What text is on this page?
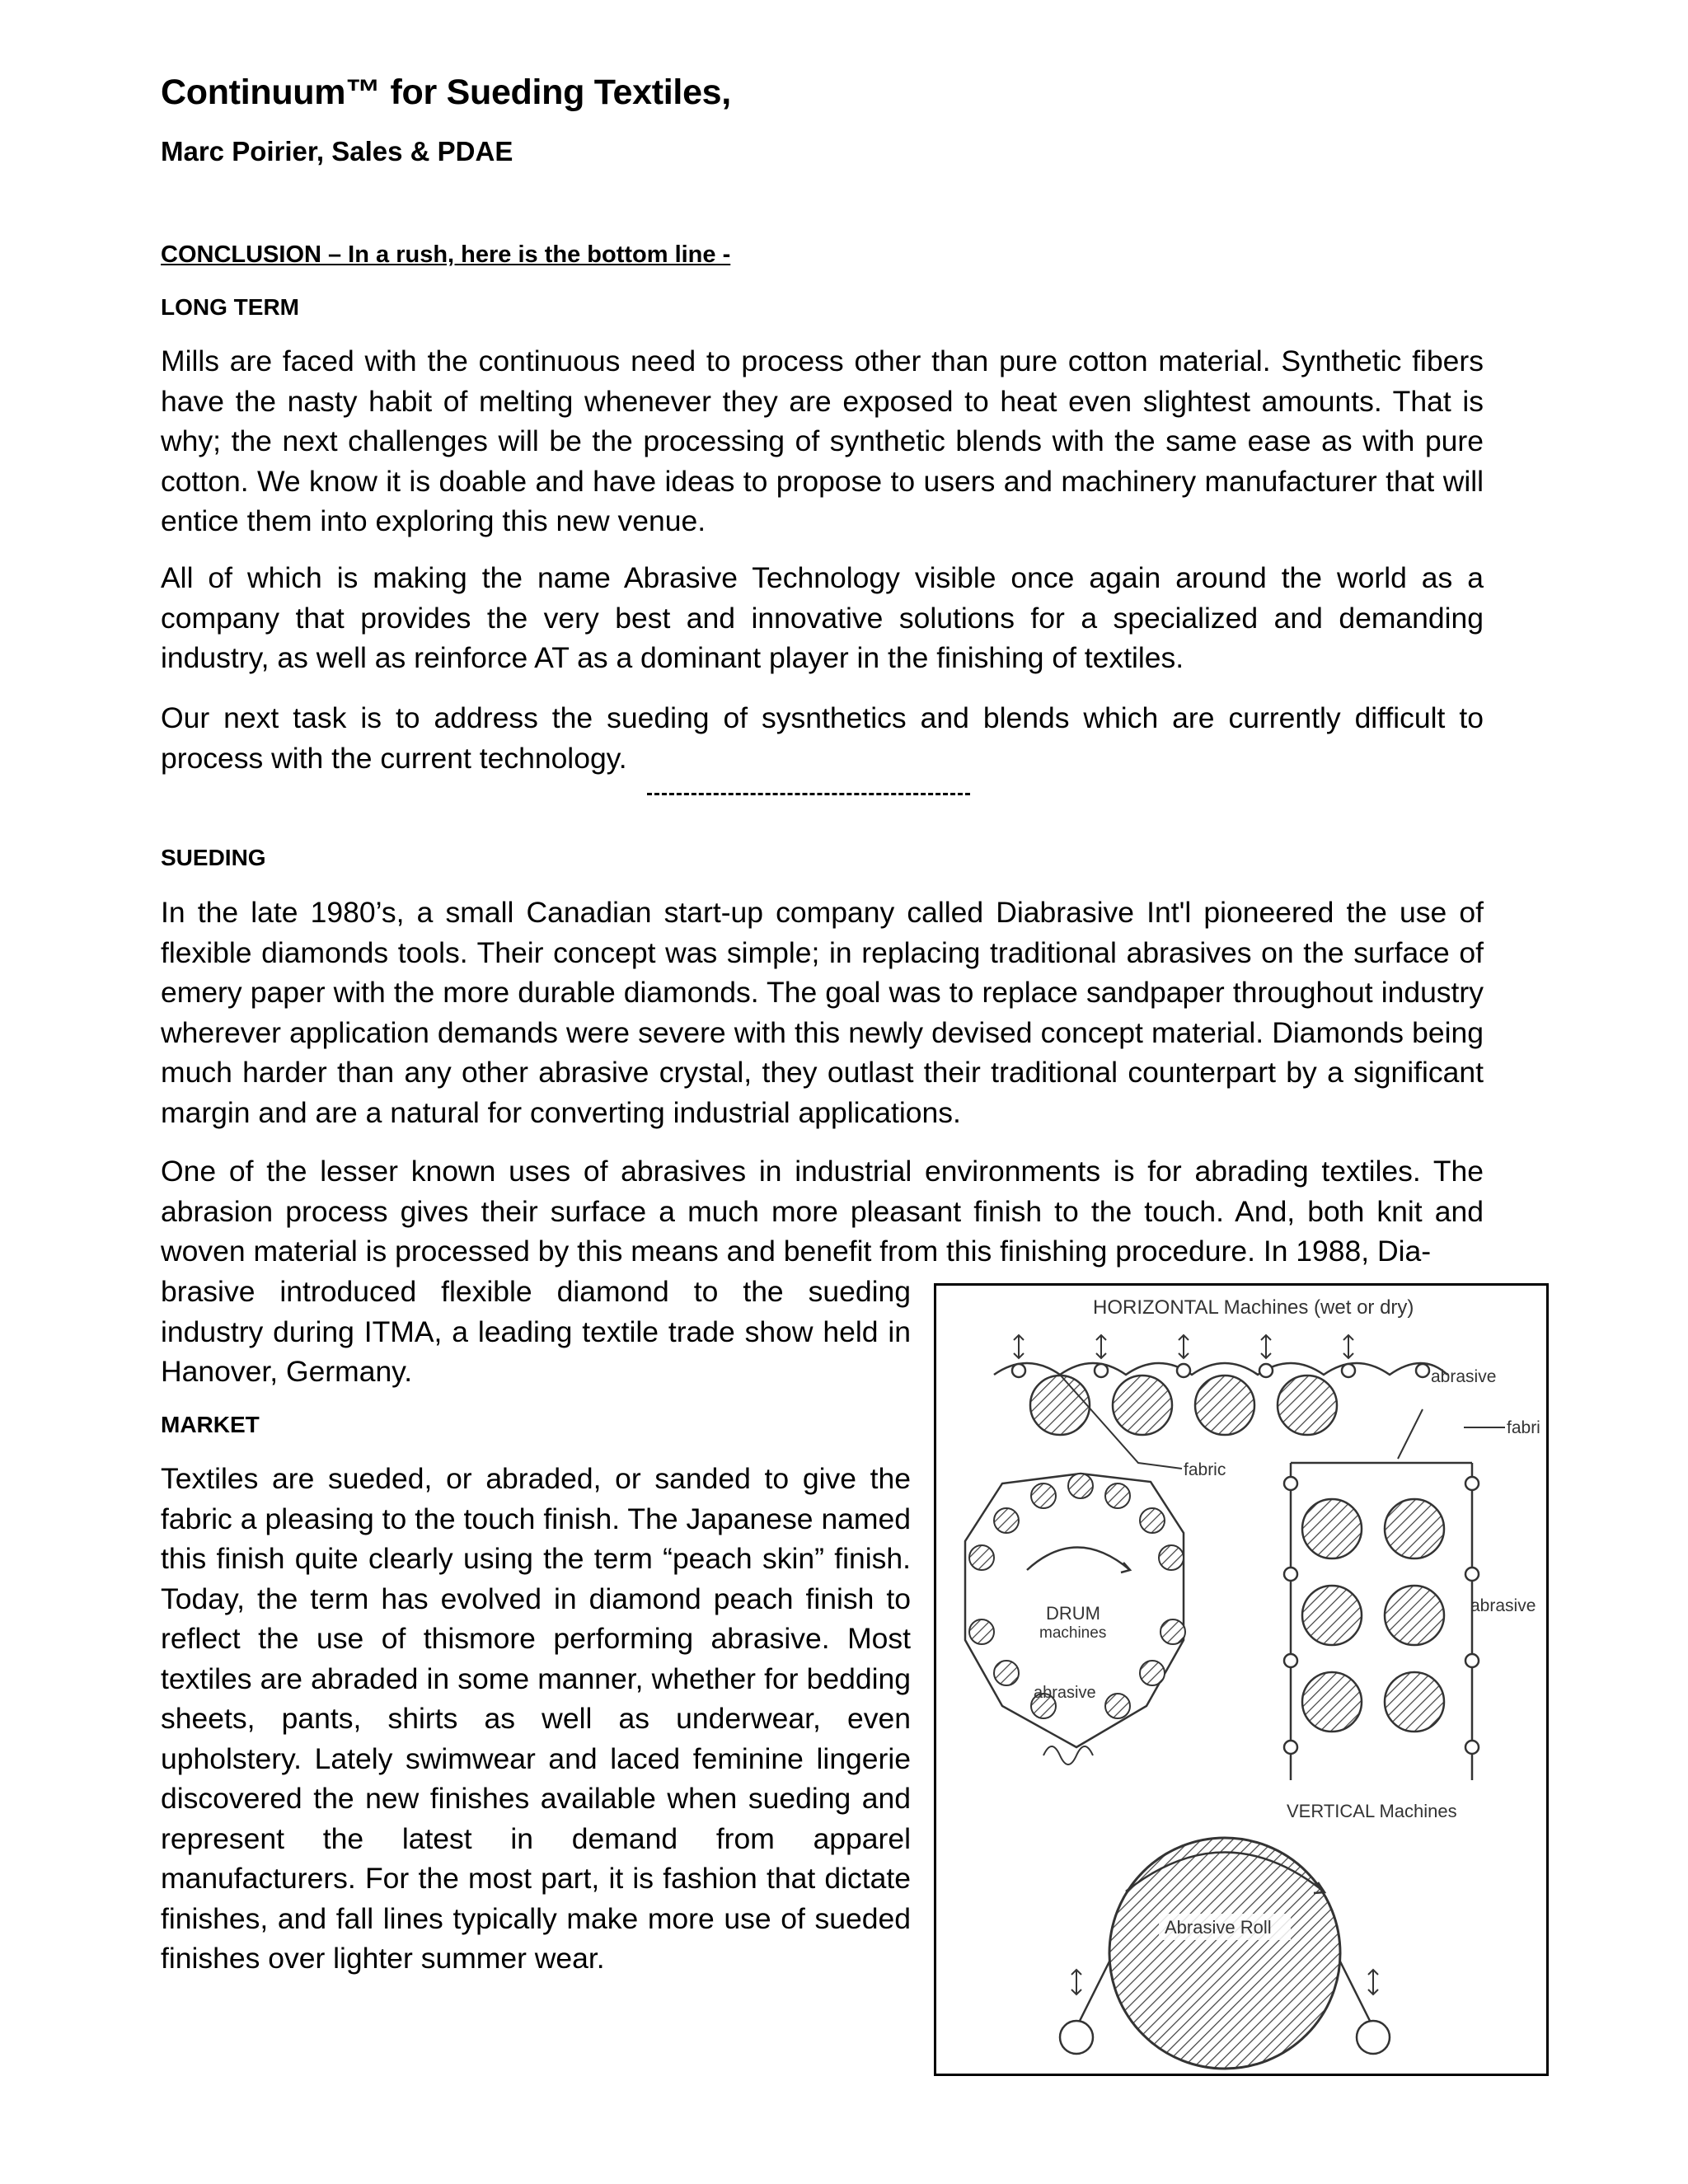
Continuum™ for Sueding Textiles,
Marc Poirier, Sales & PDAE
CONCLUSION – In a rush, here is the bottom line -
LONG TERM
Mills are faced with the continuous need to process other than pure cotton material. Synthetic fibers have the nasty habit of melting whenever they are exposed to heat even slightest amounts. That is why; the next challenges will be the processing of synthetic blends with the same ease as with pure cotton. We know it is doable and have ideas to propose to users and machinery manufacturer that will entice them into exploring this new venue.
All of which is making the name Abrasive Technology visible once again around the world as a company that provides the very best and innovative solutions for a specialized and demanding industry, as well as reinforce AT as a dominant player in the finishing of textiles.
Our next task is to address the sueding of sysnthetics and blends which are currently difficult to process with the current technology.
SUEDING
In the late 1980’s, a small Canadian start-up company called Diabrasive Int'l pioneered the use of flexible diamonds tools. Their concept was simple; in replacing traditional abrasives on the surface of emery paper with the more durable diamonds. The goal was to replace sandpaper throughout industry wherever application demands were severe with this newly devised concept material. Diamonds being much harder than any other abrasive crystal, they outlast their traditional counterpart by a significant margin and are a natural for converting industrial applications.
One of the lesser known uses of abrasives in industrial environments is for abrading textiles. The abrasion process gives their surface a much more pleasant finish to the touch. And, both knit and woven material is processed by this means and benefit from this finishing procedure. In 1988, Dia-
brasive introduced flexible diamond to the sueding industry during ITMA, a leading textile trade show held in Hanover, Germany.
MARKET
Textiles are sueded, or abraded, or sanded to give the fabric a pleasing to the touch finish. The Japanese named this finish quite clearly using the term “peach skin” finish. Today, the term has evolved in diamond peach finish to reflect the use of thismore performing abrasive. Most textiles are abraded in some manner, whether for bedding sheets, pants, shirts as well as underwear, even upholstery. Lately swimwear and laced feminine lingerie discovered the new finishes available when sueding and represent the latest in demand from apparel manufacturers. For the most part, it is fashion that dictate finishes, and fall lines typically make more use of sueded finishes over lighter summer wear.
HORIZONTAL Machines (wet or dry)
abrasive
fabri
fabric
DRUM
machines
abrasive
abrasive
VERTICAL Machines
Abrasive Roll
